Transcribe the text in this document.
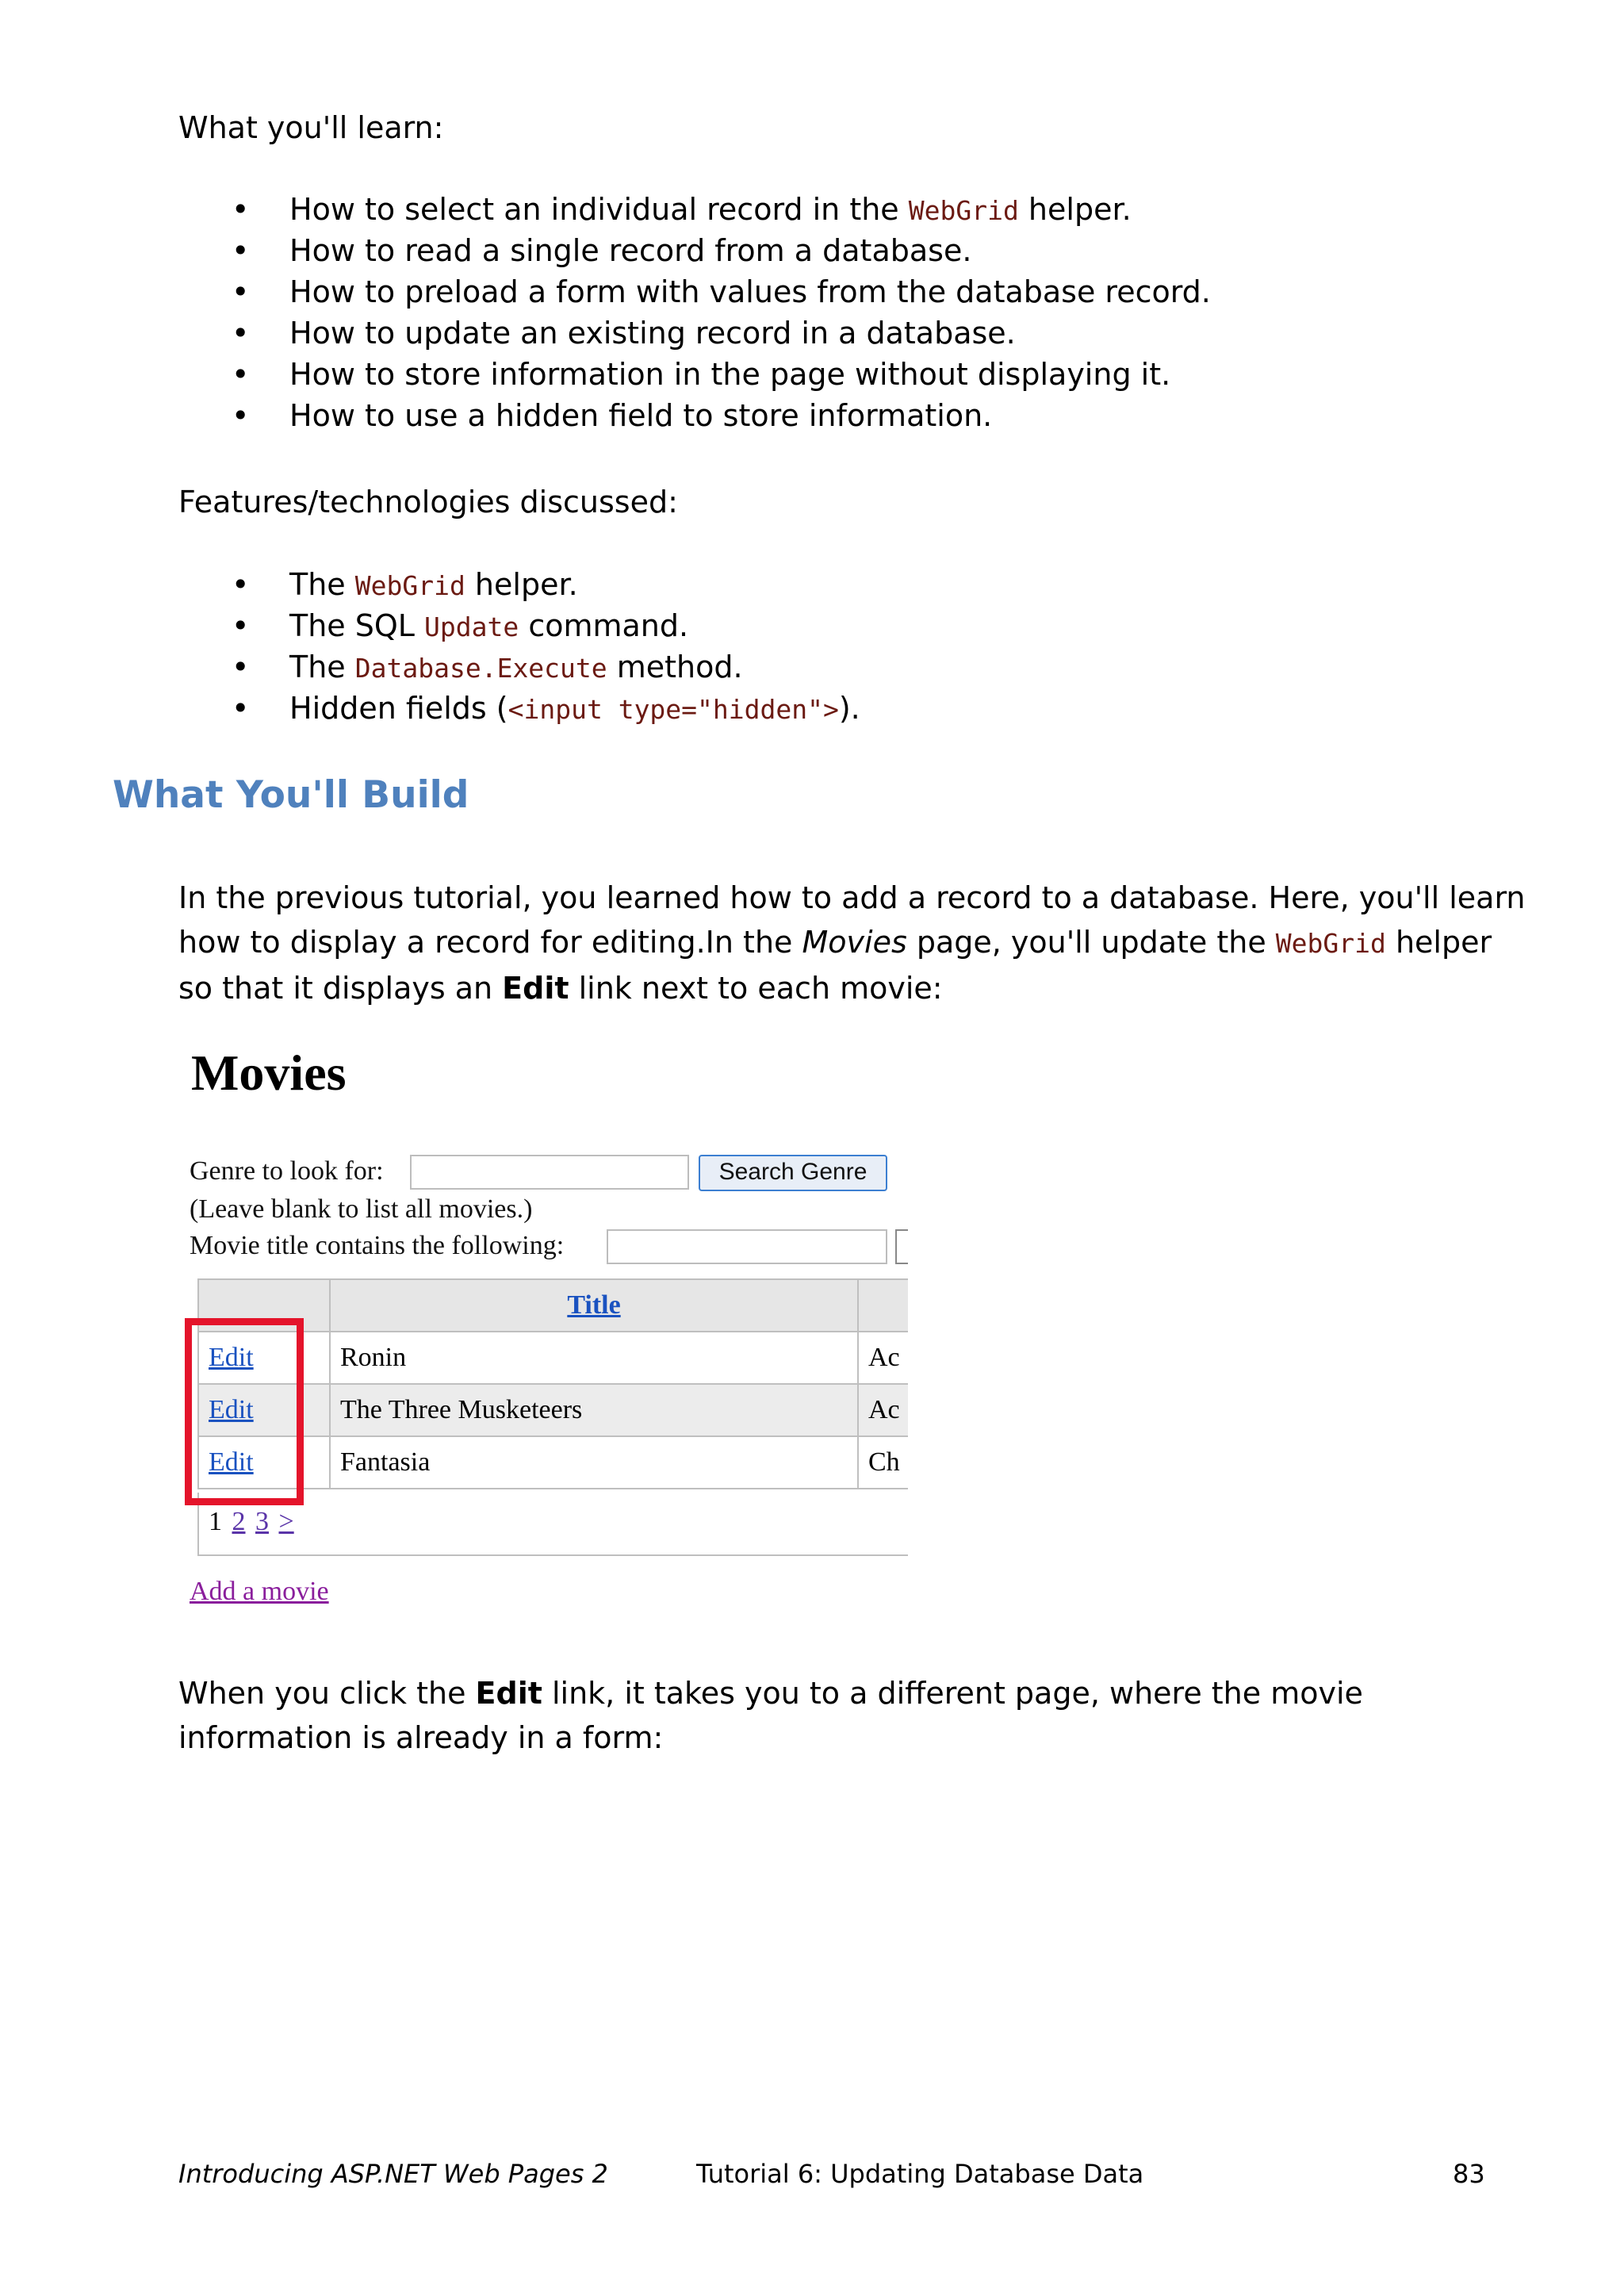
What you'll learn:
• How to select an individual record in the WebGrid helper.
• How to read a single record from a database.
• How to preload a form with values from the database record.
• How to update an existing record in a database.
• How to store information in the page without displaying it.
• How to use a hidden field to store information.
Features/technologies discussed:
• The WebGrid helper.
• The SQL Update command.
• The Database.Execute method.
• Hidden fields (<input type="hidden">).
What You'll Build
In the previous tutorial, you learned how to add a record to a database. Here, you'll learn how to display a record for editing.In the Movies page, you'll update the WebGrid helper so that it displays an Edit link next to each movie:
Movies
Genre to look for:	Search Genre
(Leave blank to list all movies.)
Movie title contains the following:
	Title	
Edit	Ronin	Ac
Edit	The Three Musketeers	Ac
Edit	Fantasia	Ch
1 2 3 >
Add a movie
When you click the Edit link, it takes you to a different page, where the movie information is already in a form:
Introducing ASP.NET Web Pages 2	Tutorial 6: Updating Database Data	83
